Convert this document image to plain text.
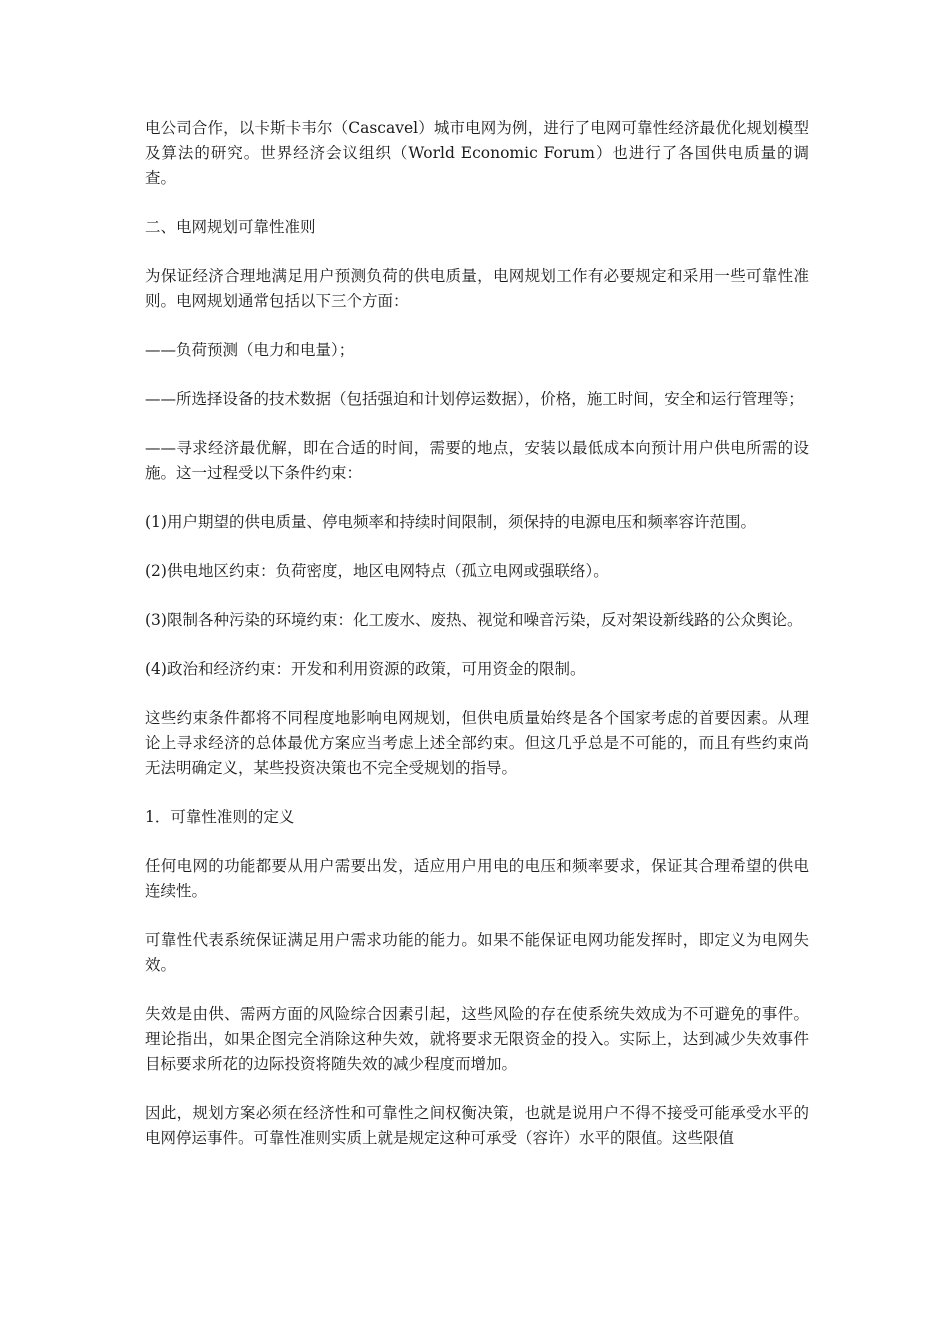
电公司合作，以卡斯卡韦尔（Cascavel）城市电网为例，进行了电网可靠性经济最优化规划模型及算法的研究。世界经济会议组织（World Economic Forum）也进行了各国供电质量的调查。

二、电网规划可靠性准则

为保证经济合理地满足用户预测负荷的供电质量，电网规划工作有必要规定和采用一些可靠性准则。电网规划通常包括以下三个方面：

——负荷预测（电力和电量）；

——所选择设备的技术数据（包括强迫和计划停运数据），价格，施工时间，安全和运行管理等；

——寻求经济最优解，即在合适的时间，需要的地点，安装以最低成本向预计用户供电所需的设施。这一过程受以下条件约束：

(1)用户期望的供电质量、停电频率和持续时间限制，须保持的电源电压和频率容许范围。

(2)供电地区约束：负荷密度，地区电网特点（孤立电网或强联络）。

(3)限制各种污染的环境约束：化工废水、废热、视觉和噪音污染，反对架设新线路的公众舆论。

(4)政治和经济约束：开发和利用资源的政策，可用资金的限制。

这些约束条件都将不同程度地影响电网规划，但供电质量始终是各个国家考虑的首要因素。从理论上寻求经济的总体最优方案应当考虑上述全部约束。但这几乎总是不可能的，而且有些约束尚无法明确定义，某些投资决策也不完全受规划的指导。

1．可靠性准则的定义

任何电网的功能都要从用户需要出发，适应用户用电的电压和频率要求，保证其合理希望的供电连续性。

可靠性代表系统保证满足用户需求功能的能力。如果不能保证电网功能发挥时，即定义为电网失效。

失效是由供、需两方面的风险综合因素引起，这些风险的存在使系统失效成为不可避免的事件。理论指出，如果企图完全消除这种失效，就将要求无限资金的投入。实际上，达到减少失效事件目标要求所花的边际投资将随失效的减少程度而增加。

因此，规划方案必须在经济性和可靠性之间权衡决策，也就是说用户不得不接受可能承受水平的电网停运事件。可靠性准则实质上就是规定这种可承受（容许）水平的限值。这些限值
